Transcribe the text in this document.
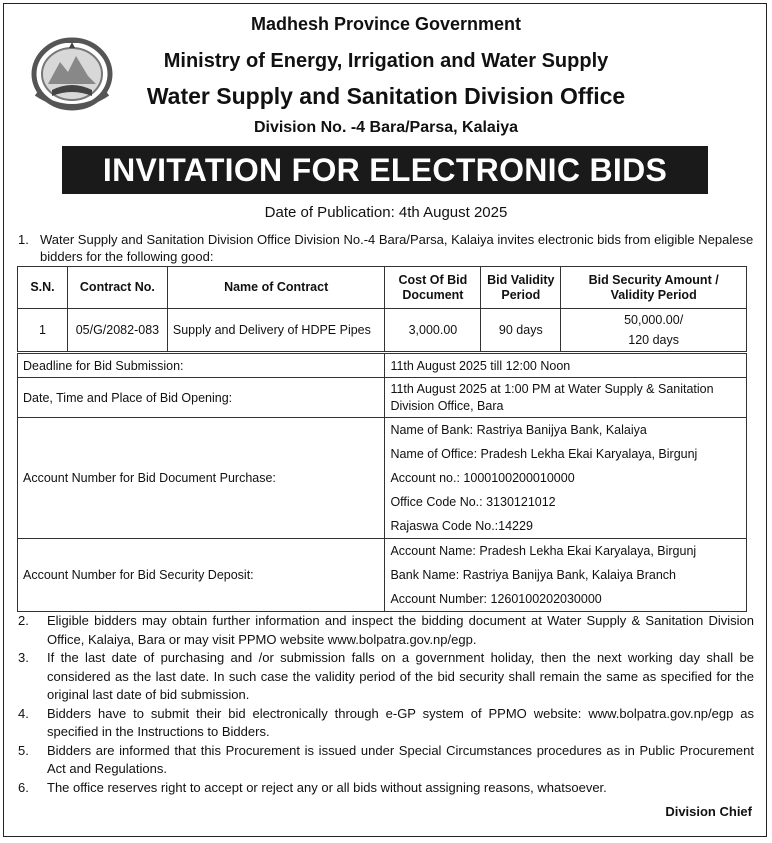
Madhesh Province Government
Ministry of Energy, Irrigation and Water Supply
Water Supply and Sanitation Division Office
Division No. -4 Bara/Parsa, Kalaiya
INVITATION FOR ELECTRONIC BIDS
Date of Publication: 4th August 2025
1. Water Supply and Sanitation Division Office Division No.-4 Bara/Parsa, Kalaiya invites electronic bids from eligible Nepalese bidders for the following good:
S.N.	Contract No.	Name of Contract	Cost Of Bid Document	Bid Validity Period	Bid Security Amount / Validity Period
1	05/G/2082-083	Supply and Delivery of HDPE Pipes	3,000.00	90 days	50,000.00/
120 days
Deadline for Bid Submission:	11th August 2025 till 12:00 Noon
Date, Time and Place of Bid Opening:	11th August 2025 at 1:00 PM at Water Supply & Sanitation Division Office, Bara
Account Number for Bid Document Purchase:	Name of Bank: Rastriya Banijya Bank, Kalaiya
Name of Office: Pradesh Lekha Ekai Karyalaya, Birgunj
Account no.: 1000100200010000
Office Code No.: 3130121012
Rajaswa Code No.:14229

Account Number for Bid Security Deposit:	Account Name: Pradesh Lekha Ekai Karyalaya, Birgunj
Bank Name: Rastriya Banijya Bank, Kalaiya Branch
Account Number: 1260100202030000
2. Eligible bidders may obtain further information and inspect the bidding document at Water Supply & Sanitation Division Office, Kalaiya, Bara or may visit PPMO website www.bolpatra.gov.np/egp.
3. If the last date of purchasing and /or submission falls on a government holiday, then the next working day shall be considered as the last date. In such case the validity period of the bid security shall remain the same as specified for the original last date of bid submission.
4. Bidders have to submit their bid electronically through e-GP system of PPMO website: www.bolpatra.gov.np/egp as specified in the Instructions to Bidders.
5. Bidders are informed that this Procurement is issued under Special Circumstances procedures as in Public Procurement Act and Regulations.
6. The office reserves right to accept or reject any or all bids without assigning reasons, whatsoever.
Division Chief
